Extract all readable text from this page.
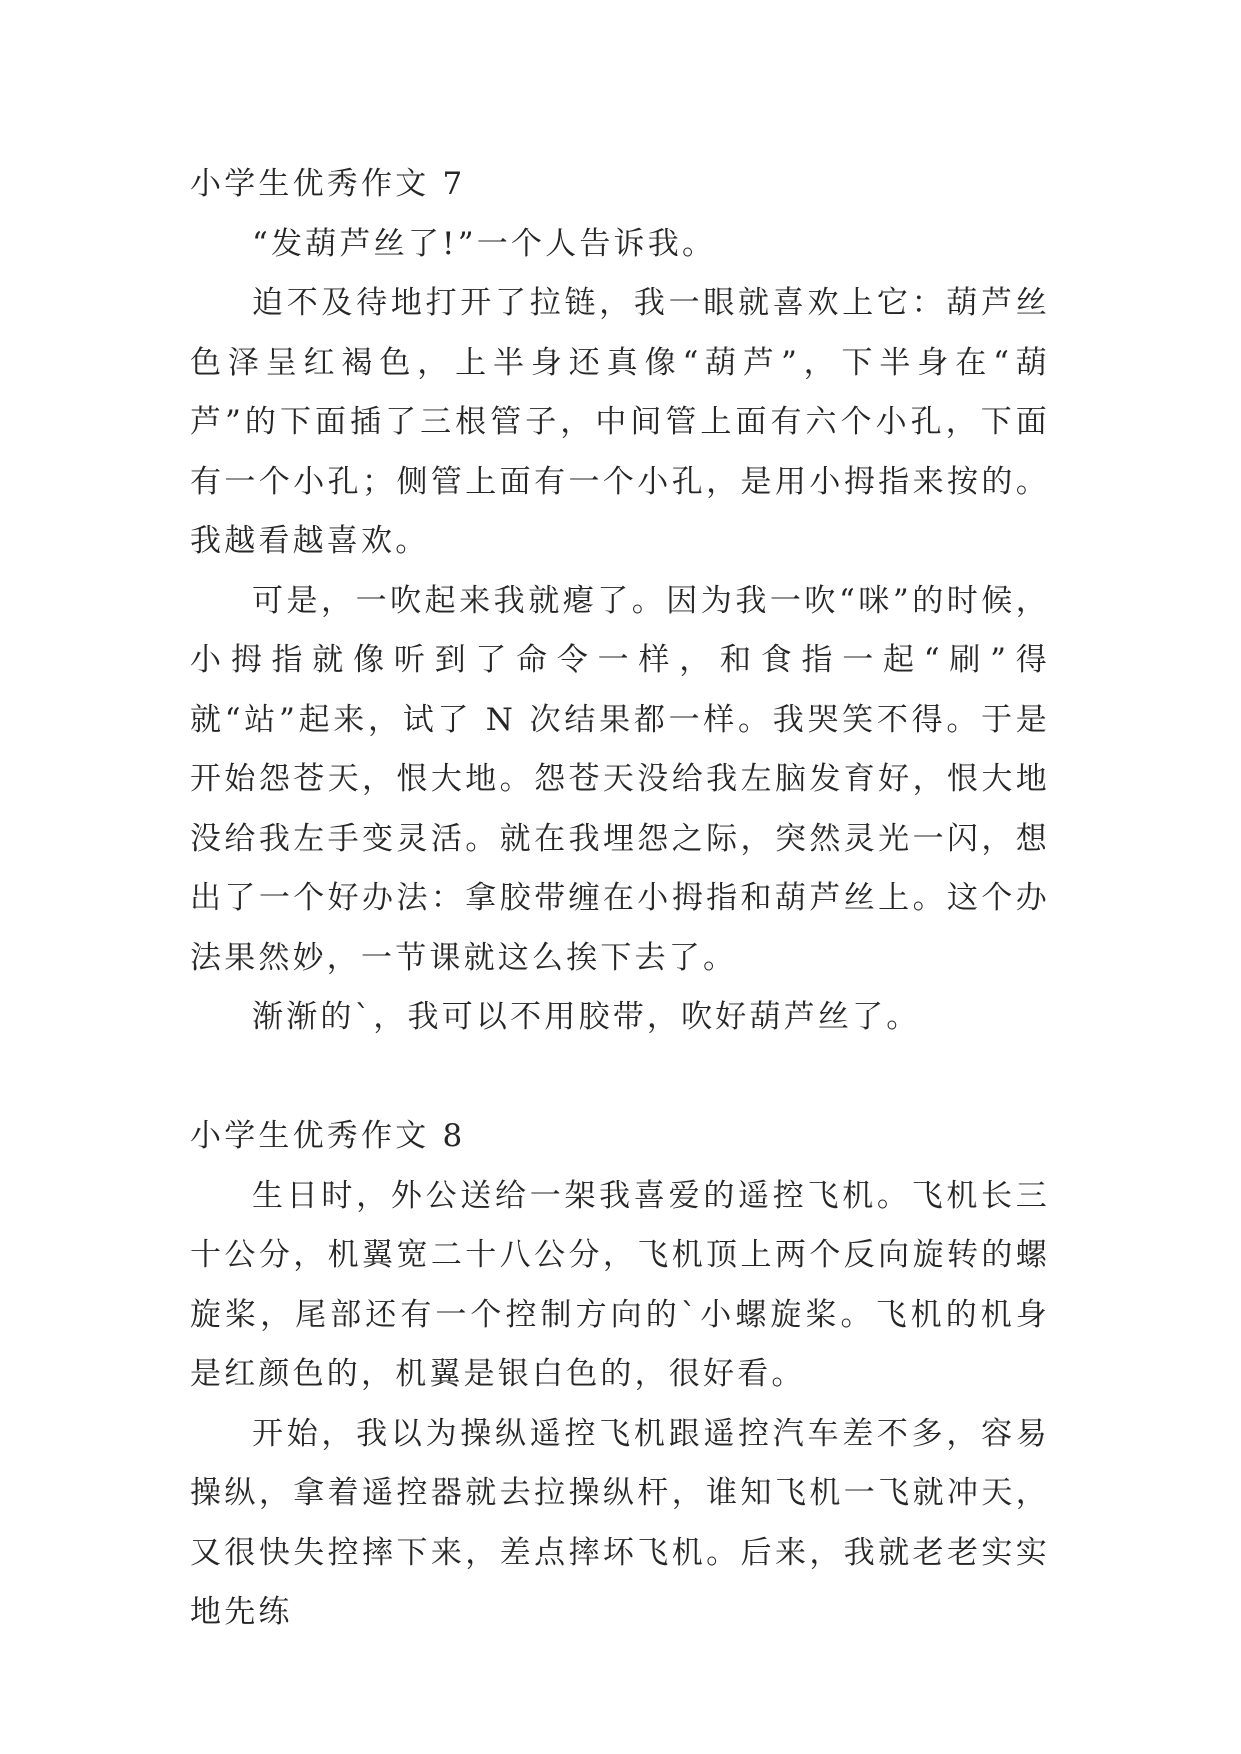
小学生优秀作文 7

“发葫芦丝了!”一个人告诉我。

迫不及待地打开了拉链，我一眼就喜欢上它：葫芦丝色泽呈红褐色，上半身还真像“葫芦”，下半身在“葫芦”的下面插了三根管子，中间管上面有六个小孔，下面有一个小孔；侧管上面有一个小孔，是用小拇指来按的。我越看越喜欢。

可是，一吹起来我就瘪了。因为我一吹“咪”的时候，小拇指就像听到了命令一样，和食指一起“刷”得就“站”起来，试了 N 次结果都一样。我哭笑不得。于是开始怨苍天，恨大地。怨苍天没给我左脑发育好，恨大地没给我左手变灵活。就在我埋怨之际，突然灵光一闪，想出了一个好办法：拿胶带缠在小拇指和葫芦丝上。这个办法果然妙，一节课就这么挨下去了。

渐渐的`，我可以不用胶带，吹好葫芦丝了。

小学生优秀作文 8

生日时，外公送给一架我喜爱的遥控飞机。飞机长三十公分，机翼宽二十八公分，飞机顶上两个反向旋转的螺旋桨，尾部还有一个控制方向的`小螺旋桨。飞机的机身是红颜色的，机翼是银白色的，很好看。

开始，我以为操纵遥控飞机跟遥控汽车差不多，容易操纵，拿着遥控器就去拉操纵杆，谁知飞机一飞就冲天，又很快失控摔下来，差点摔坏飞机。后来，我就老老实实地先练
